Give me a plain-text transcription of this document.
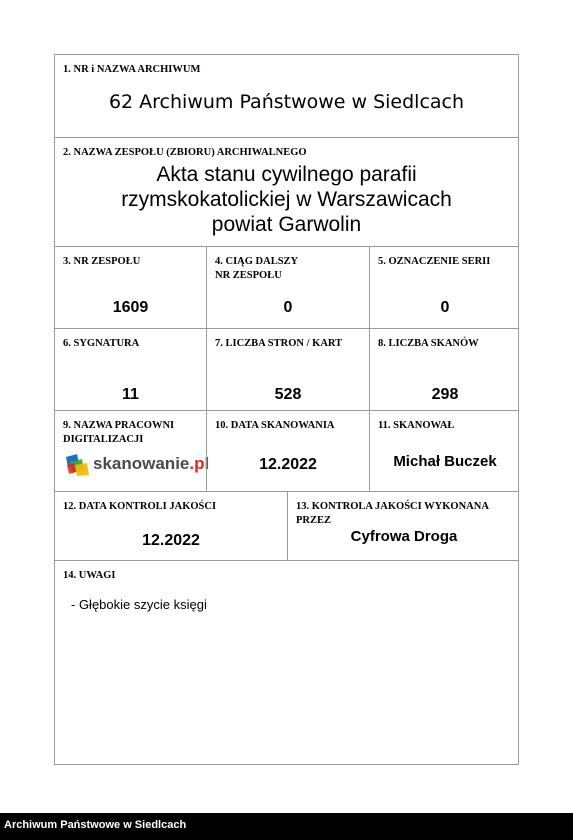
1. NR i NAZWA ARCHIWUM
62 Archiwum Państwowe w Siedlcach
2. NAZWA ZESPOŁU (ZBIORU) ARCHIWALNEGO
Akta stanu cywilnego parafii
rzymskokatolickiej w Warszawicach
powiat Garwolin
3. NR ZESPOŁU
1609
4. CIĄG DALSZY
NR ZESPOŁU
0
5. OZNACZENIE SERII
0
6. SYGNATURA
11
7. LICZBA STRON / KART
528
8. LICZBA SKANÓW
298
9. NAZWA PRACOWNI
DIGITALIZACJI
skanowanie.pl
10. DATA SKANOWANIA
12.2022
11. SKANOWAŁ
Michał Buczek
12. DATA KONTROLI JAKOŚCI
12.2022
13. KONTROLA JAKOŚCI WYKONANA
PRZEZ
Cyfrowa Droga
14. UWAGI
- Głębokie szycie księgi
Archiwum Państwowe w Siedlcach
